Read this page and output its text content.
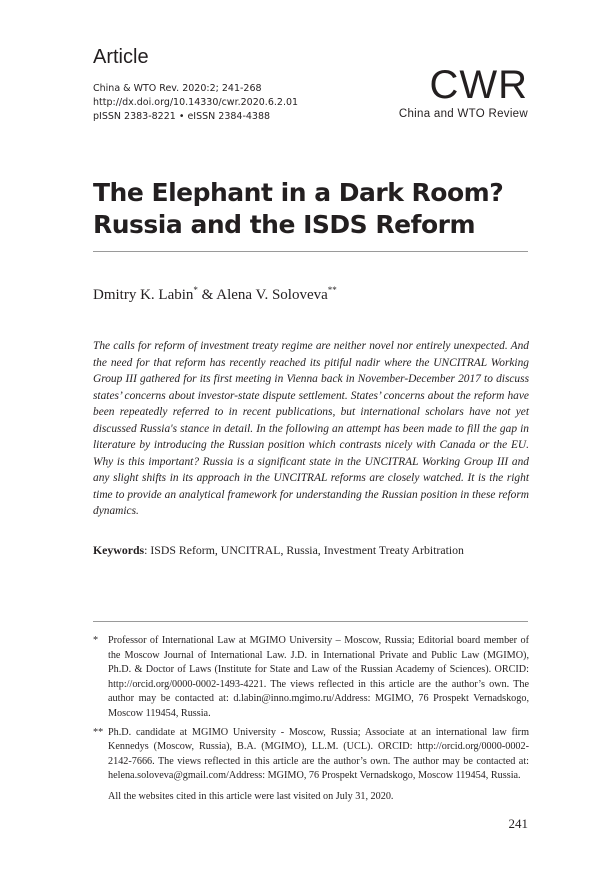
Article
China & WTO Rev. 2020:2; 241-268
http://dx.doi.org/10.14330/cwr.2020.6.2.01
pISSN 2383-8221 • eISSN 2384-4388
CWR
China and WTO Review
The Elephant in a Dark Room?
Russia and the ISDS Reform
Dmitry K. Labin* & Alena V. Soloveva**
The calls for reform of investment treaty regime are neither novel nor entirely unexpected. And the need for that reform has recently reached its pitiful nadir where the UNCITRAL Working Group III gathered for its first meeting in Vienna back in November-December 2017 to discuss states’ concerns about investor-state dispute settlement. States’ concerns about the reform have been repeatedly referred to in recent publications, but international scholars have not yet discussed Russia's stance in detail. In the following an attempt has been made to fill the gap in literature by introducing the Russian position which contrasts nicely with Canada or the EU. Why is this important? Russia is a significant state in the UNCITRAL Working Group III and any slight shifts in its approach in the UNCITRAL reforms are closely watched. It is the right time to provide an analytical framework for understanding the Russian position in these reform dynamics.
Keywords: ISDS Reform, UNCITRAL, Russia, Investment Treaty Arbitration
* Professor of International Law at MGIMO University – Moscow, Russia; Editorial board member of the Moscow Journal of International Law. J.D. in International Private and Public Law (MGIMO), Ph.D. & Doctor of Laws (Institute for State and Law of the Russian Academy of Sciences). ORCID: http://orcid.org/0000-0002-1493-4221. The views reflected in this article are the author’s own. The author may be contacted at: d.labin@inno.mgimo.ru/Address: MGIMO, 76 Prospekt Vernadskogo, Moscow 119454, Russia.
** Ph.D. candidate at MGIMO University - Moscow, Russia; Associate at an international law firm Kennedys (Moscow, Russia), B.A. (MGIMO), LL.M. (UCL). ORCID: http://orcid.org/0000-0002-2142-7666. The views reflected in this article are the author’s own. The author may be contacted at: helena.soloveva@gmail.com/Address: MGIMO, 76 Prospekt Vernadskogo, Moscow 119454, Russia.
All the websites cited in this article were last visited on July 31, 2020.
241
